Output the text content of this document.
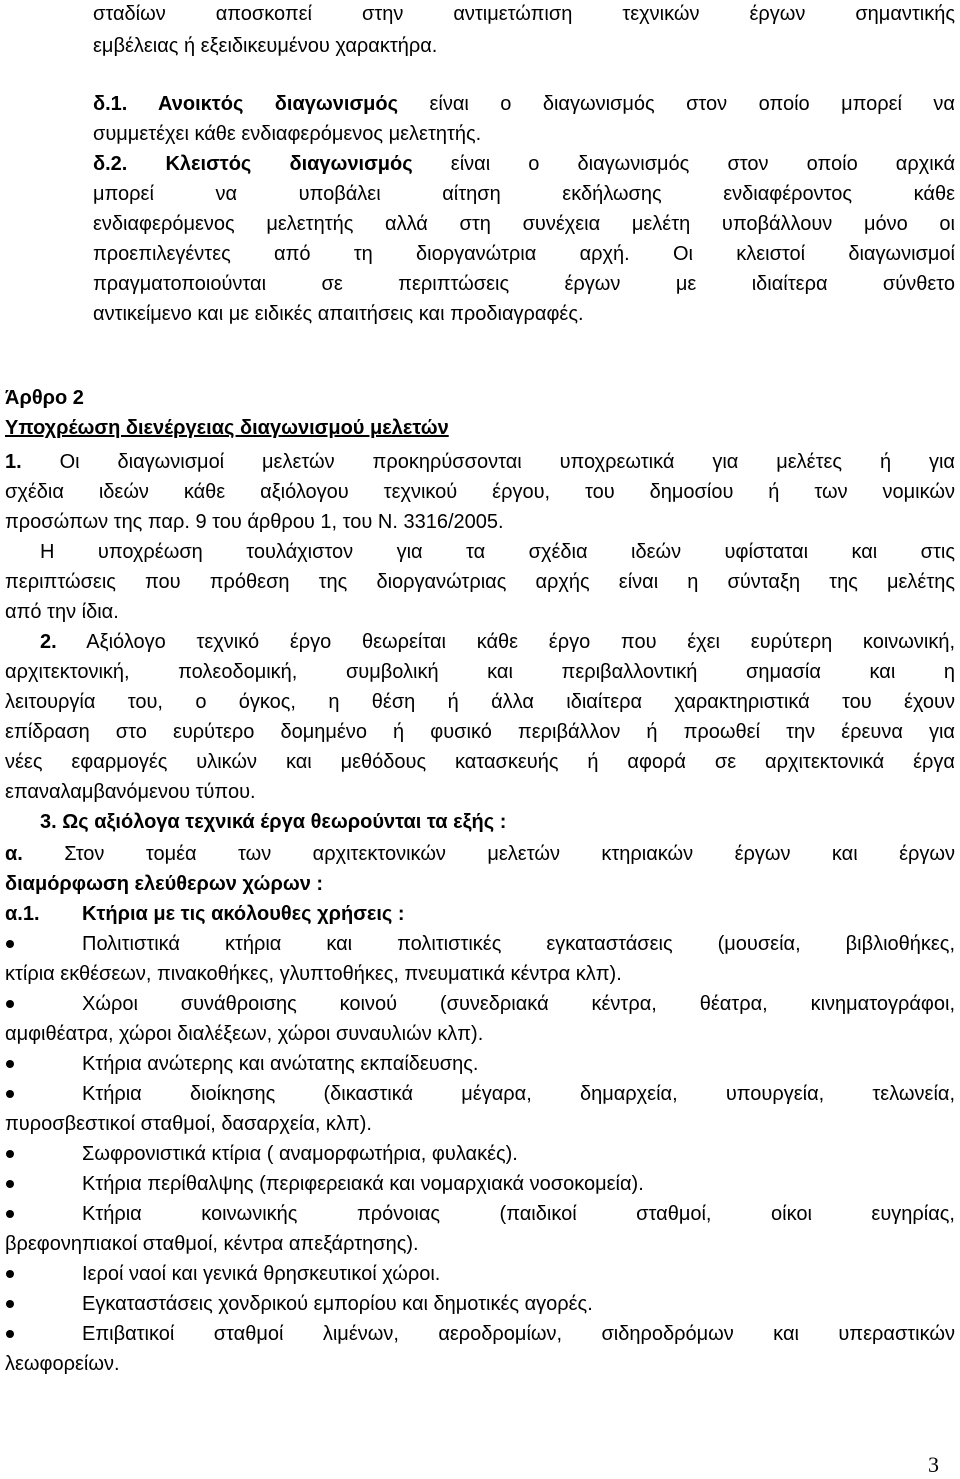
σταδίων αποσκοπεί στην αντιμετώπιση τεχνικών έργων σημαντικής
εμβέλειας ή εξειδικευμένου χαρακτήρα.
δ.1. Ανοικτός διαγωνισμός είναι ο διαγωνισμός στον οποίο μπορεί να
συμμετέχει κάθε ενδιαφερόμενος μελετητής.
δ.2. Κλειστός διαγωνισμός είναι ο διαγωνισμός στον οποίο αρχικά
μπορεί να υποβάλει αίτηση εκδήλωσης ενδιαφέροντος κάθε
ενδιαφερόμενος μελετητής αλλά στη συνέχεια μελέτη υποβάλλουν μόνο οι
προεπιλεγέντες από τη διοργανώτρια αρχή. Οι κλειστοί διαγωνισμοί
πραγματοποιούνται σε περιπτώσεις έργων με ιδιαίτερα σύνθετο
αντικείμενο και με ειδικές απαιτήσεις και προδιαγραφές.
Άρθρο 2
Υποχρέωση διενέργειας διαγωνισμού μελετών
1. Οι διαγωνισμοί μελετών προκηρύσσονται υποχρεωτικά για μελέτες ή για
σχέδια ιδεών κάθε αξιόλογου τεχνικού έργου, του δημοσίου ή των νομικών
προσώπων της παρ. 9 του άρθρου 1, του Ν. 3316/2005.
Η υποχρέωση τουλάχιστον για τα σχέδια ιδεών υφίσταται και στις
περιπτώσεις που πρόθεση της διοργανώτριας αρχής είναι η σύνταξη της μελέτης
από την ίδια.
2. Αξιόλογο τεχνικό έργο θεωρείται κάθε έργο που έχει ευρύτερη κοινωνική,
αρχιτεκτονική, πολεοδομική, συμβολική και περιβαλλοντική σημασία και η
λειτουργία του, ο όγκος, η θέση ή άλλα ιδιαίτερα χαρακτηριστικά του έχουν
επίδραση στο ευρύτερο δομημένο ή φυσικό περιβάλλον ή προωθεί την έρευνα για
νέες εφαρμογές υλικών και μεθόδους κατασκευής ή αφορά σε αρχιτεκτονικά έργα
επαναλαμβανόμενου τύπου.
3. Ως αξιόλογα τεχνικά έργα θεωρούνται τα εξής :
α. Στον τομέα των αρχιτεκτονικών μελετών κτηριακών έργων και έργων
διαμόρφωση ελεύθερων χώρων :
α.1. Κτήρια με τις ακόλουθες χρήσεις :
Πολιτιστικά κτήρια και πολιτιστικές εγκαταστάσεις (μουσεία, βιβλιοθήκες,
κτίρια εκθέσεων, πινακοθήκες, γλυπτοθήκες, πνευματικά κέντρα κλπ).
Χώροι συνάθροισης κοινού (συνεδριακά κέντρα, θέατρα, κινηματογράφοι,
αμφιθέατρα, χώροι διαλέξεων, χώροι συναυλιών κλπ).
Κτήρια ανώτερης και ανώτατης εκπαίδευσης.
Κτήρια διοίκησης (δικαστικά μέγαρα, δημαρχεία, υπουργεία, τελωνεία,
πυροσβεστικοί σταθμοί, δασαρχεία, κλπ).
Σωφρονιστικά κτίρια ( αναμορφωτήρια, φυλακές).
Κτήρια περίθαλψης (περιφερειακά και νομαρχιακά νοσοκομεία).
Κτήρια κοινωνικής πρόνοιας (παιδικοί σταθμοί, οίκοι ευγηρίας,
βρεφονηπιακοί σταθμοί, κέντρα απεξάρτησης).
Ιεροί ναοί και γενικά θρησκευτικοί χώροι.
Εγκαταστάσεις χονδρικού εμπορίου και δημοτικές αγορές.
Επιβατικοί σταθμοί λιμένων, αεροδρομίων, σιδηροδρόμων και υπεραστικών
λεωφορείων.
3
